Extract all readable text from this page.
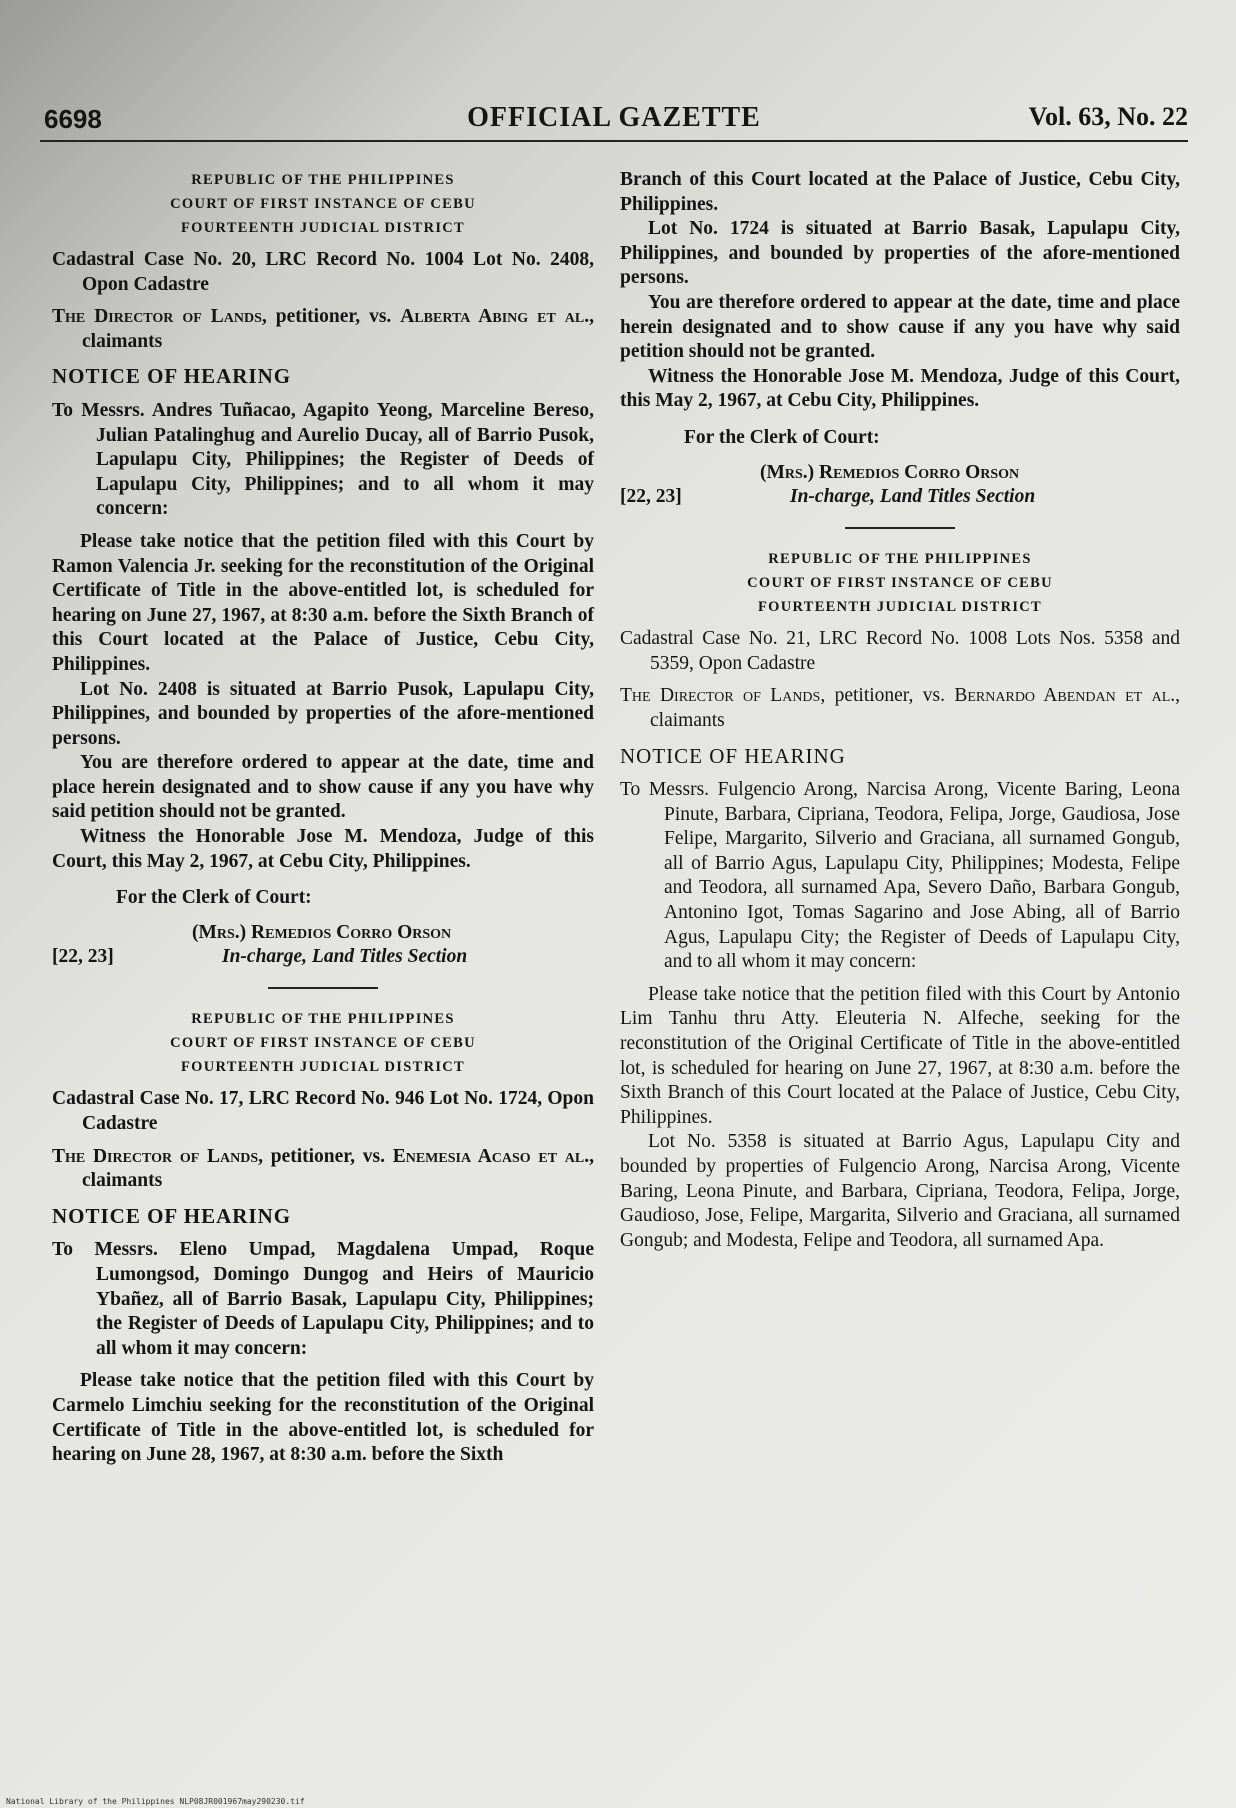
6698	OFFICIAL GAZETTE	Vol. 63, No. 22
REPUBLIC OF THE PHILIPPINES
COURT OF FIRST INSTANCE OF CEBU
FOURTEENTH JUDICIAL DISTRICT

Cadastral Case No. 20, LRC Record No. 1004 Lot No. 2408, Opon Cadastre

The Director of Lands, petitioner, vs. Alberta Abing et al., claimants

NOTICE OF HEARING

To Messrs. Andres Tuñacao, Agapito Yeong, Marceline Bereso, Julian Patalinghug and Aurelio Ducay, all of Barrio Pusok, Lapulapu City, Philippines; the Register of Deeds of Lapulapu City, Philippines; and to all whom it may concern:

Please take notice that the petition filed with this Court by Ramon Valencia Jr. seeking for the reconstitution of the Original Certificate of Title in the above-entitled lot, is scheduled for hearing on June 27, 1967, at 8:30 a.m. before the Sixth Branch of this Court located at the Palace of Justice, Cebu City, Philippines.

Lot No. 2408 is situated at Barrio Pusok, Lapulapu City, Philippines, and bounded by properties of the afore-mentioned persons.

You are therefore ordered to appear at the date, time and place herein designated and to show cause if any you have why said petition should not be granted.

Witness the Honorable Jose M. Mendoza, Judge of this Court, this May 2, 1967, at Cebu City, Philippines.

For the Clerk of Court:

(Mrs.) Remedios Corro Orson

[22, 23]	In-charge, Land Titles Section
REPUBLIC OF THE PHILIPPINES
COURT OF FIRST INSTANCE OF CEBU
FOURTEENTH JUDICIAL DISTRICT

Cadastral Case No. 17, LRC Record No. 946 Lot No. 1724, Opon Cadastre

The Director of Lands, petitioner, vs. Enemesia Acaso et al., claimants

NOTICE OF HEARING

To Messrs. Eleno Umpad, Magdalena Umpad, Roque Lumongsod, Domingo Dungog and Heirs of Mauricio Ybañez, all of Barrio Basak, Lapulapu City, Philippines; the Register of Deeds of Lapulapu City, Philippines; and to all whom it may concern:

Please take notice that the petition filed with this Court by Carmelo Limchiu seeking for the reconstitution of the Original Certificate of Title in the above-entitled lot, is scheduled for hearing on June 28, 1967, at 8:30 a.m. before the Sixth

Branch of this Court located at the Palace of Justice, Cebu City, Philippines.

Lot No. 1724 is situated at Barrio Basak, Lapulapu City, Philippines, and bounded by properties of the afore-mentioned persons.

You are therefore ordered to appear at the date, time and place herein designated and to show cause if any you have why said petition should not be granted.

Witness the Honorable Jose M. Mendoza, Judge of this Court, this May 2, 1967, at Cebu City, Philippines.

For the Clerk of Court:

(Mrs.) Remedios Corro Orson

[22, 23]	In-charge, Land Titles Section
REPUBLIC OF THE PHILIPPINES
COURT OF FIRST INSTANCE OF CEBU
FOURTEENTH JUDICIAL DISTRICT

Cadastral Case No. 21, LRC Record No. 1008 Lots Nos. 5358 and 5359, Opon Cadastre

The Director of Lands, petitioner, vs. Bernardo Abendan et al., claimants

NOTICE OF HEARING

To Messrs. Fulgencio Arong, Narcisa Arong, Vicente Baring, Leona Pinute, Barbara, Cipriana, Teodora, Felipa, Jorge, Gaudiosa, Jose Felipe, Margarito, Silverio and Graciana, all surnamed Gongub, all of Barrio Agus, Lapulapu City, Philippines; Modesta, Felipe and Teodora, all surnamed Apa, Severo Daño, Barbara Gongub, Antonino Igot, Tomas Sagarino and Jose Abing, all of Barrio Agus, Lapulapu City; the Register of Deeds of Lapulapu City, and to all whom it may concern:

Please take notice that the petition filed with this Court by Antonio Lim Tanhu thru Atty. Eleuteria N. Alfeche, seeking for the reconstitution of the Original Certificate of Title in the above-entitled lot, is scheduled for hearing on June 27, 1967, at 8:30 a.m. before the Sixth Branch of this Court located at the Palace of Justice, Cebu City, Philippines.

Lot No. 5358 is situated at Barrio Agus, Lapulapu City and bounded by properties of Fulgencio Arong, Narcisa Arong, Vicente Baring, Leona Pinute, and Barbara, Cipriana, Teodora, Felipa, Jorge, Gaudioso, Jose, Felipe, Margarita, Silverio and Graciana, all surnamed Gongub; and Modesta, Felipe and Teodora, all surnamed Apa.

National Library of the Philippines NLP08JR001967may290230.tif
